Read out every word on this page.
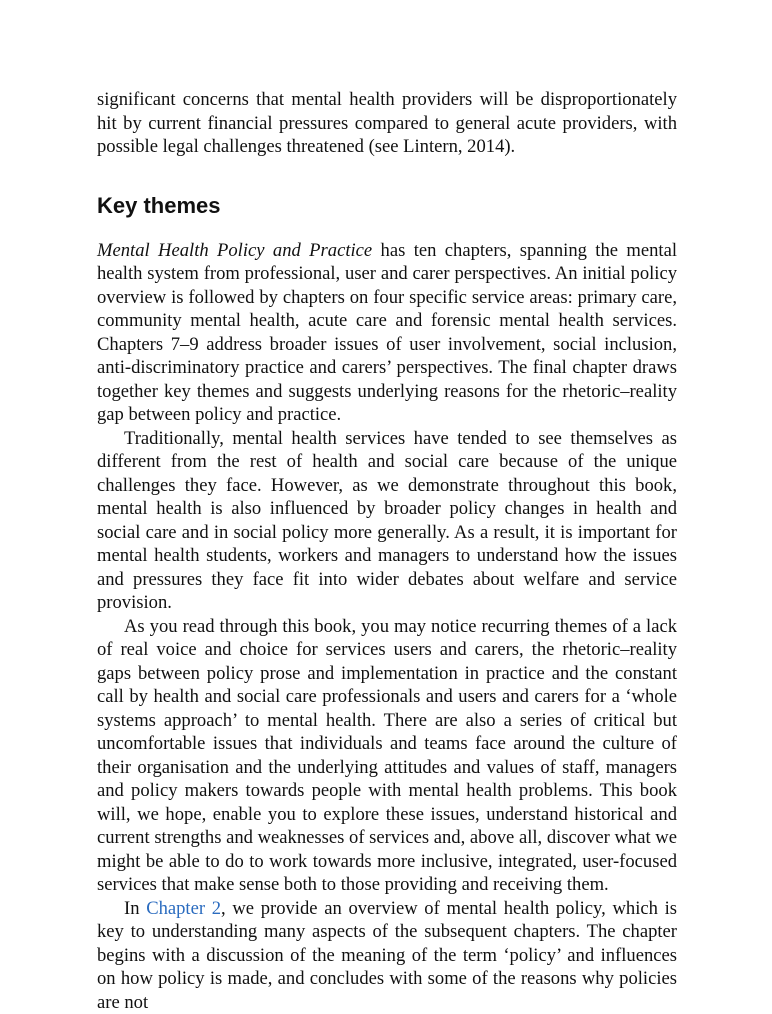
significant concerns that mental health providers will be disproportionately hit by current financial pressures compared to general acute providers, with possible legal challenges threatened (see Lintern, 2014).

Key themes

Mental Health Policy and Practice has ten chapters, spanning the mental health system from professional, user and carer perspectives. An initial policy overview is followed by chapters on four specific service areas: primary care, community mental health, acute care and forensic mental health services. Chapters 7–9 address broader issues of user involvement, social inclusion, anti-discriminatory practice and carers’ perspectives. The final chapter draws together key themes and suggests underlying reasons for the rhetoric–reality gap between policy and practice.

Traditionally, mental health services have tended to see themselves as different from the rest of health and social care because of the unique challenges they face. However, as we demonstrate throughout this book, mental health is also influenced by broader policy changes in health and social care and in social policy more generally. As a result, it is important for mental health students, workers and managers to understand how the issues and pressures they face fit into wider debates about welfare and service provision.

As you read through this book, you may notice recurring themes of a lack of real voice and choice for services users and carers, the rhetoric–reality gaps between policy prose and implementation in practice and the constant call by health and social care professionals and users and carers for a ‘whole systems approach’ to mental health. There are also a series of critical but uncomfortable issues that individuals and teams face around the culture of their organisation and the underlying attitudes and values of staff, managers and policy makers towards people with mental health problems. This book will, we hope, enable you to explore these issues, understand historical and current strengths and weaknesses of services and, above all, discover what we might be able to do to work towards more inclusive, integrated, user-focused services that make sense both to those providing and receiving them.

In Chapter 2, we provide an overview of mental health policy, which is key to understanding many aspects of the subsequent chapters. The chapter begins with a discussion of the meaning of the term ‘policy’ and influences on how policy is made, and concludes with some of the reasons why policies are not
